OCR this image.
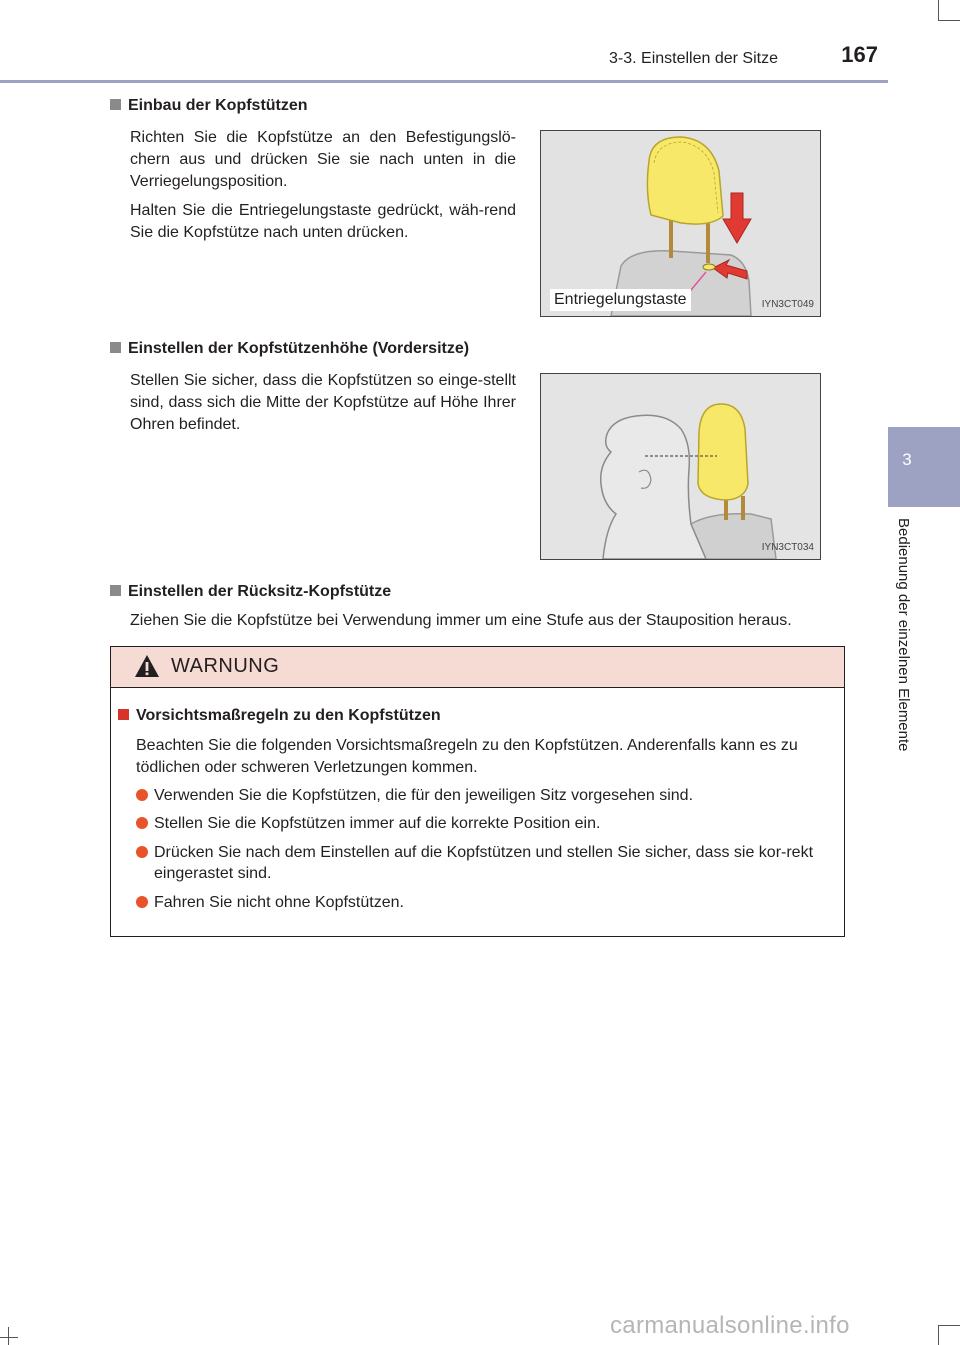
3-3. Einstellen der Sitze	167
3
Bedienung der einzelnen Elemente
Einbau der Kopfstützen

Richten Sie die Kopfstütze an den Befestigungslö-chern aus und drücken Sie sie nach unten in die Verriegelungsposition.

Halten Sie die Entriegelungstaste gedrückt, wäh-rend Sie die Kopfstütze nach unten drücken.

Entriegelungstaste	IYN3CT049
Einstellen der Kopfstützenhöhe (Vordersitze)

Stellen Sie sicher, dass die Kopfstützen so einge-stellt sind, dass sich die Mitte der Kopfstütze auf Höhe Ihrer Ohren befindet.

IYN3CT034
Einstellen der Rücksitz-Kopfstütze
Ziehen Sie die Kopfstütze bei Verwendung immer um eine Stufe aus der Stauposition heraus.
WARNUNG
Vorsichtsmaßregeln zu den Kopfstützen
Beachten Sie die folgenden Vorsichtsmaßregeln zu den Kopfstützen. Anderenfalls kann es zu tödlichen oder schweren Verletzungen kommen.
Verwenden Sie die Kopfstützen, die für den jeweiligen Sitz vorgesehen sind.
Stellen Sie die Kopfstützen immer auf die korrekte Position ein.
Drücken Sie nach dem Einstellen auf die Kopfstützen und stellen Sie sicher, dass sie kor-rekt eingerastet sind.
Fahren Sie nicht ohne Kopfstützen.
carmanualsonline.info
